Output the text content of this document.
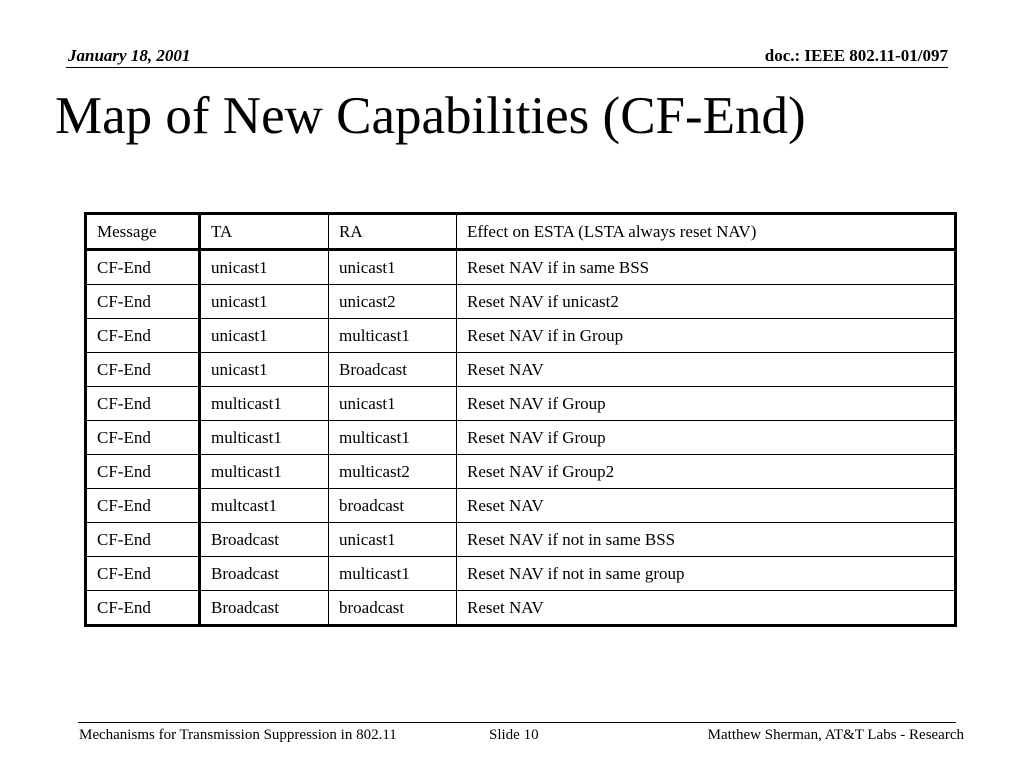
January 18, 2001	doc.: IEEE 802.11-01/097
Map of New Capabilities (CF-End)
Message	TA	RA	Effect on ESTA (LSTA always reset NAV)
CF-End	unicast1	unicast1	Reset NAV if in same BSS
CF-End	unicast1	unicast2	Reset NAV if unicast2
CF-End	unicast1	multicast1	Reset NAV if in Group
CF-End	unicast1	Broadcast	Reset NAV
CF-End	multicast1	unicast1	Reset NAV if Group
CF-End	multicast1	multicast1	Reset NAV if Group
CF-End	multicast1	multicast2	Reset NAV if Group2
CF-End	multcast1	broadcast	Reset NAV
CF-End	Broadcast	unicast1	Reset NAV if not in same BSS
CF-End	Broadcast	multicast1	Reset NAV if not in same group
CF-End	Broadcast	broadcast	Reset NAV
Mechanisms for Transmission Suppression in 802.11	Slide 10	Matthew Sherman, AT&T Labs - Research
